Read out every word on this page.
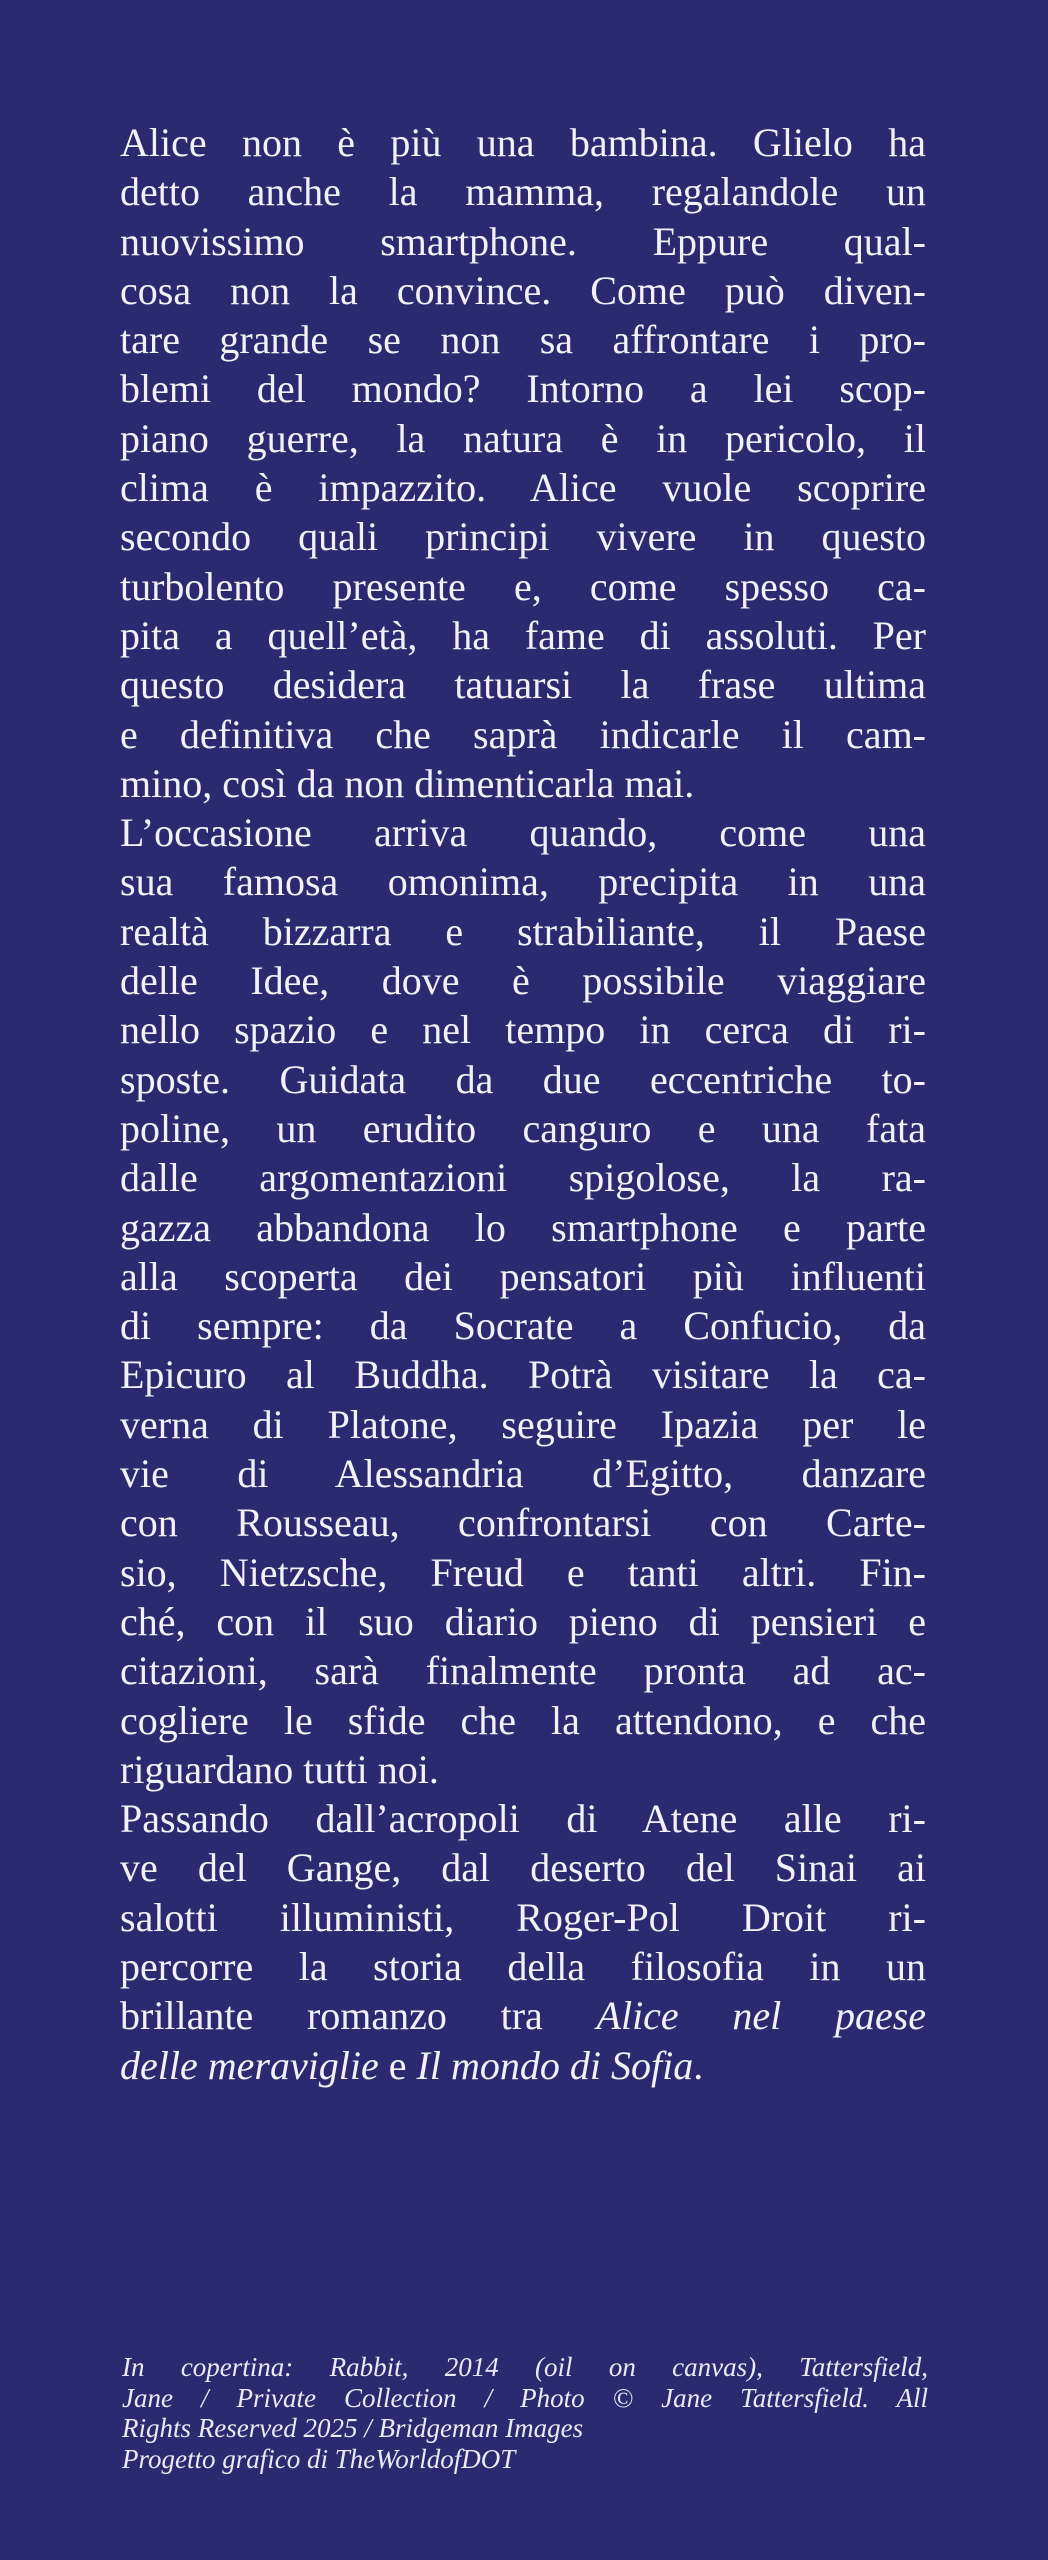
Alice non è più una bambina. Glielo ha
detto anche la mamma, regalandole un
nuovissimo smartphone. Eppure qual-
cosa non la convince. Come può diven-
tare grande se non sa affrontare i pro-
blemi del mondo? Intorno a lei scop-
piano guerre, la natura è in pericolo, il
clima è impazzito. Alice vuole scoprire
secondo quali principi vivere in questo
turbolento presente e, come spesso ca-
pita a quell’età, ha fame di assoluti. Per
questo desidera tatuarsi la frase ultima
e definitiva che saprà indicarle il cam-
mino, così da non dimenticarla mai.

L’occasione arriva quando, come una
sua famosa omonima, precipita in una
realtà bizzarra e strabiliante, il Paese
delle Idee, dove è possibile viaggiare
nello spazio e nel tempo in cerca di ri-
sposte. Guidata da due eccentriche to-
poline, un erudito canguro e una fata
dalle argomentazioni spigolose, la ra-
gazza abbandona lo smartphone e parte
alla scoperta dei pensatori più influenti
di sempre: da Socrate a Confucio, da
Epicuro al Buddha. Potrà visitare la ca-
verna di Platone, seguire Ipazia per le
vie di Alessandria d’Egitto, danzare
con Rousseau, confrontarsi con Carte-
sio, Nietzsche, Freud e tanti altri. Fin-
ché, con il suo diario pieno di pensieri e
citazioni, sarà finalmente pronta ad ac-
cogliere le sfide che la attendono, e che
riguardano tutti noi.

Passando dall’acropoli di Atene alle ri-
ve del Gange, dal deserto del Sinai ai
salotti illuministi, Roger-Pol Droit ri-
percorre la storia della filosofia in un
brillante romanzo tra Alice nel paese
delle meraviglie e Il mondo di Sofia.

In copertina: Rabbit, 2014 (oil on canvas), Tattersfield,
Jane / Private Collection / Photo © Jane Tattersfield. All
Rights Reserved 2025 / Bridgeman Images
Progetto grafico di TheWorldofDOT
